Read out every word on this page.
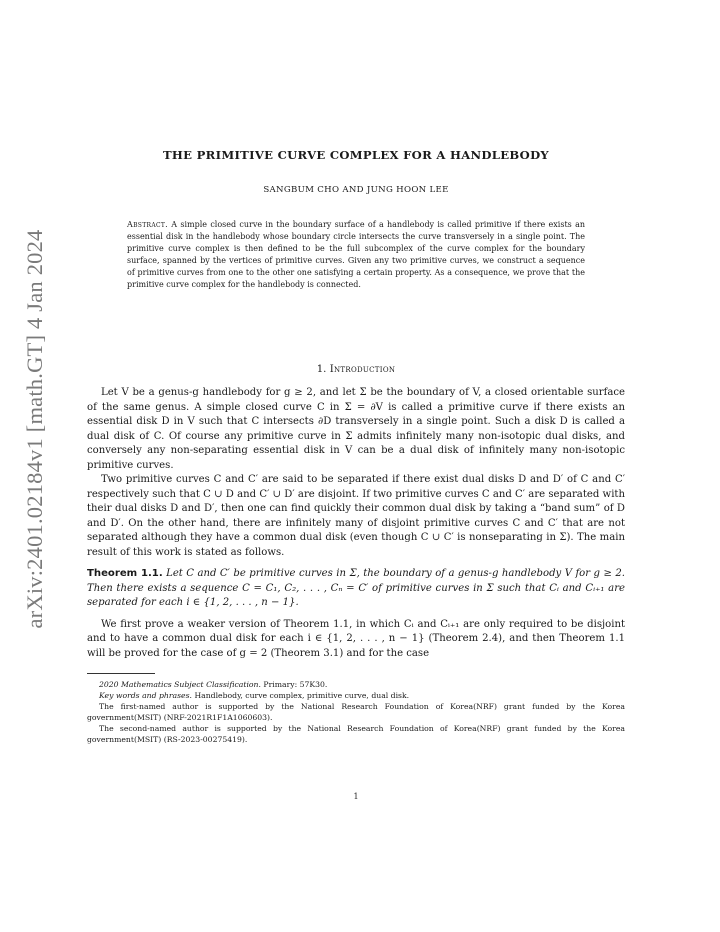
arXiv:2401.02184v1 [math.GT] 4 Jan 2024
THE PRIMITIVE CURVE COMPLEX FOR A HANDLEBODY
SANGBUM CHO AND JUNG HOON LEE
Abstract. A simple closed curve in the boundary surface of a handlebody is called primitive if there exists an essential disk in the handlebody whose boundary circle intersects the curve transversely in a single point. The primitive curve complex is then defined to be the full subcomplex of the curve complex for the boundary surface, spanned by the vertices of primitive curves. Given any two primitive curves, we construct a sequence of primitive curves from one to the other one satisfying a certain property. As a consequence, we prove that the primitive curve complex for the handlebody is connected.
1. Introduction

Let V be a genus-g handlebody for g ≥ 2, and let Σ be the boundary of V, a closed orientable surface of the same genus. A simple closed curve C in Σ = ∂V is called a primitive curve if there exists an essential disk D in V such that C intersects ∂D transversely in a single point. Such a disk D is called a dual disk of C. Of course any primitive curve in Σ admits infinitely many non-isotopic dual disks, and conversely any non-separating essential disk in V can be a dual disk of infinitely many non-isotopic primitive curves.

Two primitive curves C and C′ are said to be separated if there exist dual disks D and D′ of C and C′ respectively such that C ∪ D and C′ ∪ D′ are disjoint. If two primitive curves C and C′ are separated with their dual disks D and D′, then one can find quickly their common dual disk by taking a “band sum” of D and D′. On the other hand, there are infinitely many of disjoint primitive curves C and C′ that are not separated although they have a common dual disk (even though C ∪ C′ is nonseparating in Σ). The main result of this work is stated as follows.

Theorem 1.1. Let C and C′ be primitive curves in Σ, the boundary of a genus-g handlebody V for g ≥ 2. Then there exists a sequence C = C₁, C₂, . . . , Cₙ = C′ of primitive curves in Σ such that Cᵢ and Cᵢ₊₁ are separated for each i ∈ {1, 2, . . . , n − 1}.

We first prove a weaker version of Theorem 1.1, in which Cᵢ and Cᵢ₊₁ are only required to be disjoint and to have a common dual disk for each i ∈ {1, 2, . . . , n − 1} (Theorem 2.4), and then Theorem 1.1 will be proved for the case of g = 2 (Theorem 3.1) and for the case

2020 Mathematics Subject Classification. Primary: 57K30.

Key words and phrases. Handlebody, curve complex, primitive curve, dual disk.

The first-named author is supported by the National Research Foundation of Korea(NRF) grant funded by the Korea government(MSIT) (NRF-2021R1F1A1060603).

The second-named author is supported by the National Research Foundation of Korea(NRF) grant funded by the Korea government(MSIT) (RS-2023-00275419).

1
